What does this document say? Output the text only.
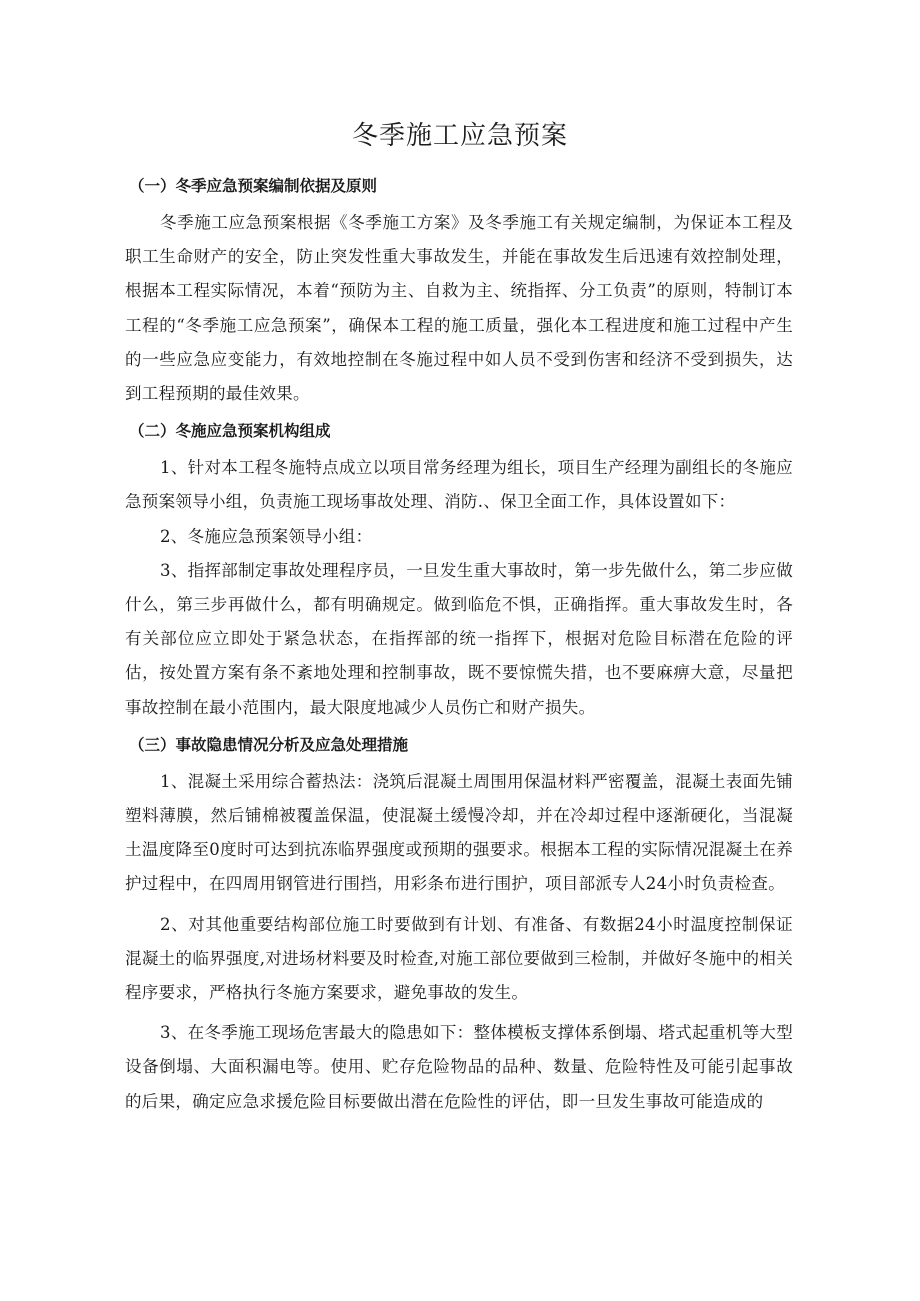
冬季施工应急预案
（一）冬季应急预案编制依据及原则

冬季施工应急预案根据《冬季施工方案》及冬季施工有关规定编制，为保证本工程及职工生命财产的安全，防止突发性重大事故发生，并能在事故发生后迅速有效控制处理，根据本工程实际情况，本着“预防为主、自救为主、统指挥、分工负责”的原则，特制订本工程的“冬季施工应急预案”，确保本工程的施工质量，强化本工程进度和施工过程中产生的一些应急应变能力，有效地控制在冬施过程中如人员不受到伤害和经济不受到损失，达到工程预期的最佳效果。

（二）冬施应急预案机构组成

1、针对本工程冬施特点成立以项目常务经理为组长，项目生产经理为副组长的冬施应急预案领导小组，负责施工现场事故处理、消防.、保卫全面工作，具体设置如下：

2、冬施应急预案领导小组：

3、指挥部制定事故处理程序员，一旦发生重大事故时，第一步先做什么，第二步应做什么，第三步再做什么，都有明确规定。做到临危不惧，正确指挥。重大事故发生时，各有关部位应立即处于紧急状态，在指挥部的统一指挥下，根据对危险目标潜在危险的评估，按处置方案有条不紊地处理和控制事故，既不要惊慌失措，也不要麻痹大意，尽量把事故控制在最小范围内，最大限度地减少人员伤亡和财产损失。

（三）事故隐患情况分析及应急处理措施

1、混凝土采用综合蓄热法：浇筑后混凝土周围用保温材料严密覆盖，混凝土表面先铺塑料薄膜，然后铺棉被覆盖保温，使混凝土缓慢冷却，并在冷却过程中逐渐硬化，当混凝土温度降至0度时可达到抗冻临界强度或预期的强要求。根据本工程的实际情况混凝土在养护过程中，在四周用钢管进行围挡，用彩条布进行围护，项目部派专人24小时负责检查。

2、对其他重要结构部位施工时要做到有计划、有准备、有数据24小时温度控制保证混凝土的临界强度,对进场材料要及时检查,对施工部位要做到三检制，并做好冬施中的相关程序要求，严格执行冬施方案要求，避免事故的发生。

3、在冬季施工现场危害最大的隐患如下：整体模板支撑体系倒塌、塔式起重机等大型设备倒塌、大面积漏电等。使用、贮存危险物品的品种、数量、危险特性及可能引起事故的后果，确定应急求援危险目标要做出潜在危险性的评估，即一旦发生事故可能造成的
